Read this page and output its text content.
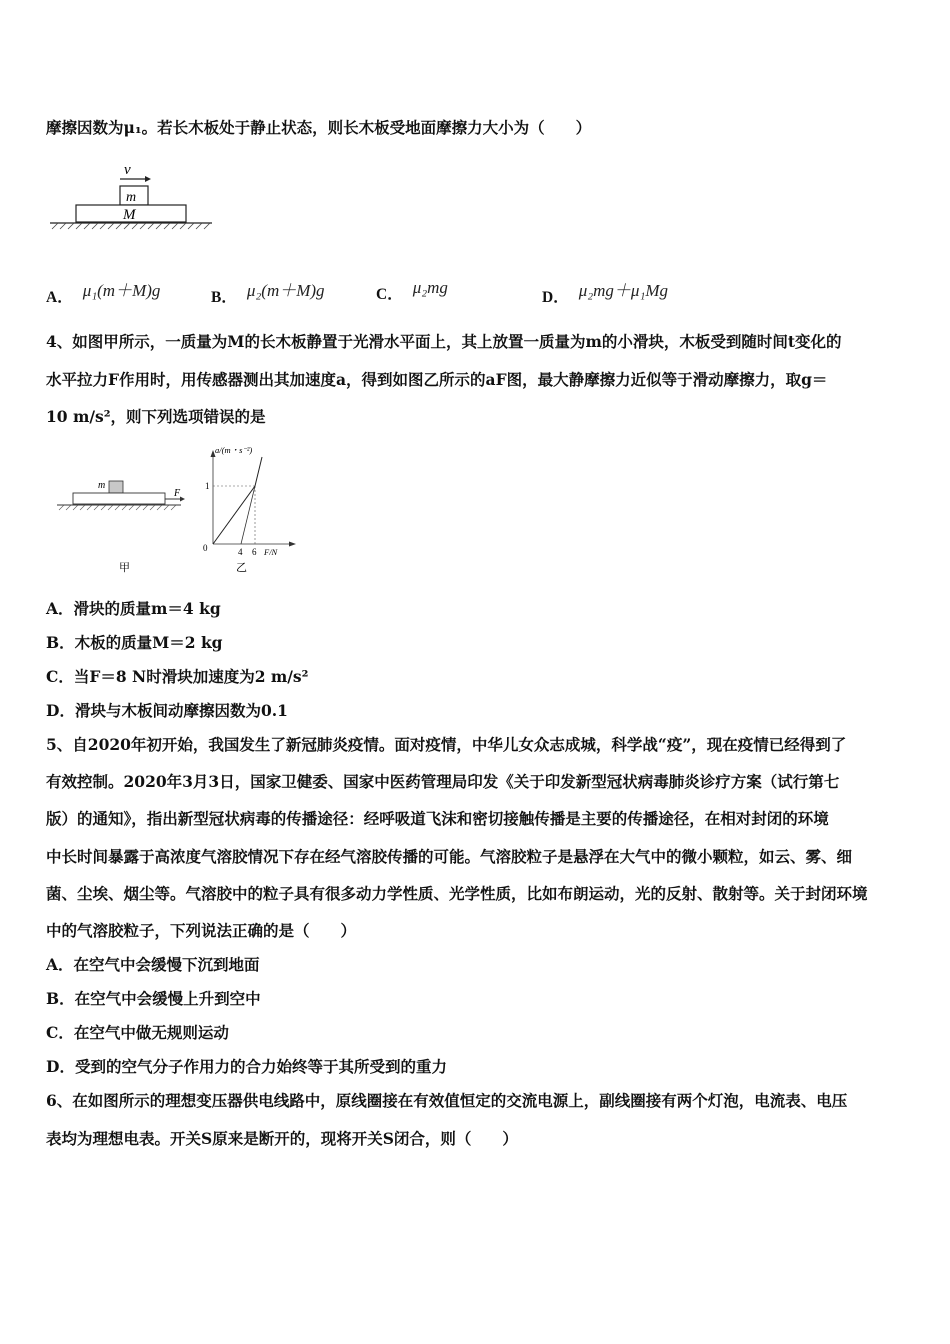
摩擦因数为μ₁。若长木板处于静止状态，则长木板受地面摩擦力大小为（　　）
v
m
M
A． μ₁(m＋M)g	B． μ₂(m＋M)g	C． μ₂mg
D． μ₂mg＋μ₁Mg
4、如图甲所示，一质量为M的长木板静置于光滑水平面上，其上放置一质量为m的小滑块，木板受到随时间t变化的
水平拉力F作用时，用传感器测出其加速度a，得到如图乙所示的aF图，最大静摩擦力近似等于滑动摩擦力，取g＝
10 m/s²，则下列选项错误的是
m
F
甲
a/(m・s⁻²)
0
1
4 6 F/N
乙
A．滑块的质量m＝4 kg
B．木板的质量M＝2 kg
C．当F＝8 N时滑块加速度为2 m/s²
D．滑块与木板间动摩擦因数为0.1
5、自2020年初开始，我国发生了新冠肺炎疫情。面对疫情，中华儿女众志成城，科学战“疫”，现在疫情已经得到了
有效控制。2020年3月3日，国家卫健委、国家中医药管理局印发《关于印发新型冠状病毒肺炎诊疗方案（试行第七
版）的通知》，指出新型冠状病毒的传播途径：经呼吸道飞沫和密切接触传播是主要的传播途径，在相对封闭的环境
中长时间暴露于高浓度气溶胶情况下存在经气溶胶传播的可能。气溶胶粒子是悬浮在大气中的微小颗粒，如云、雾、细
菌、尘埃、烟尘等。气溶胶中的粒子具有很多动力学性质、光学性质，比如布朗运动，光的反射、散射等。关于封闭环境
中的气溶胶粒子，下列说法正确的是（　　）
A．在空气中会缓慢下沉到地面
B．在空气中会缓慢上升到空中
C．在空气中做无规则运动
D．受到的空气分子作用力的合力始终等于其所受到的重力
6、在如图所示的理想变压器供电线路中，原线圈接在有效值恒定的交流电源上，副线圈接有两个灯泡，电流表、电压
表均为理想电表。开关S原来是断开的，现将开关S闭合，则（　　）
